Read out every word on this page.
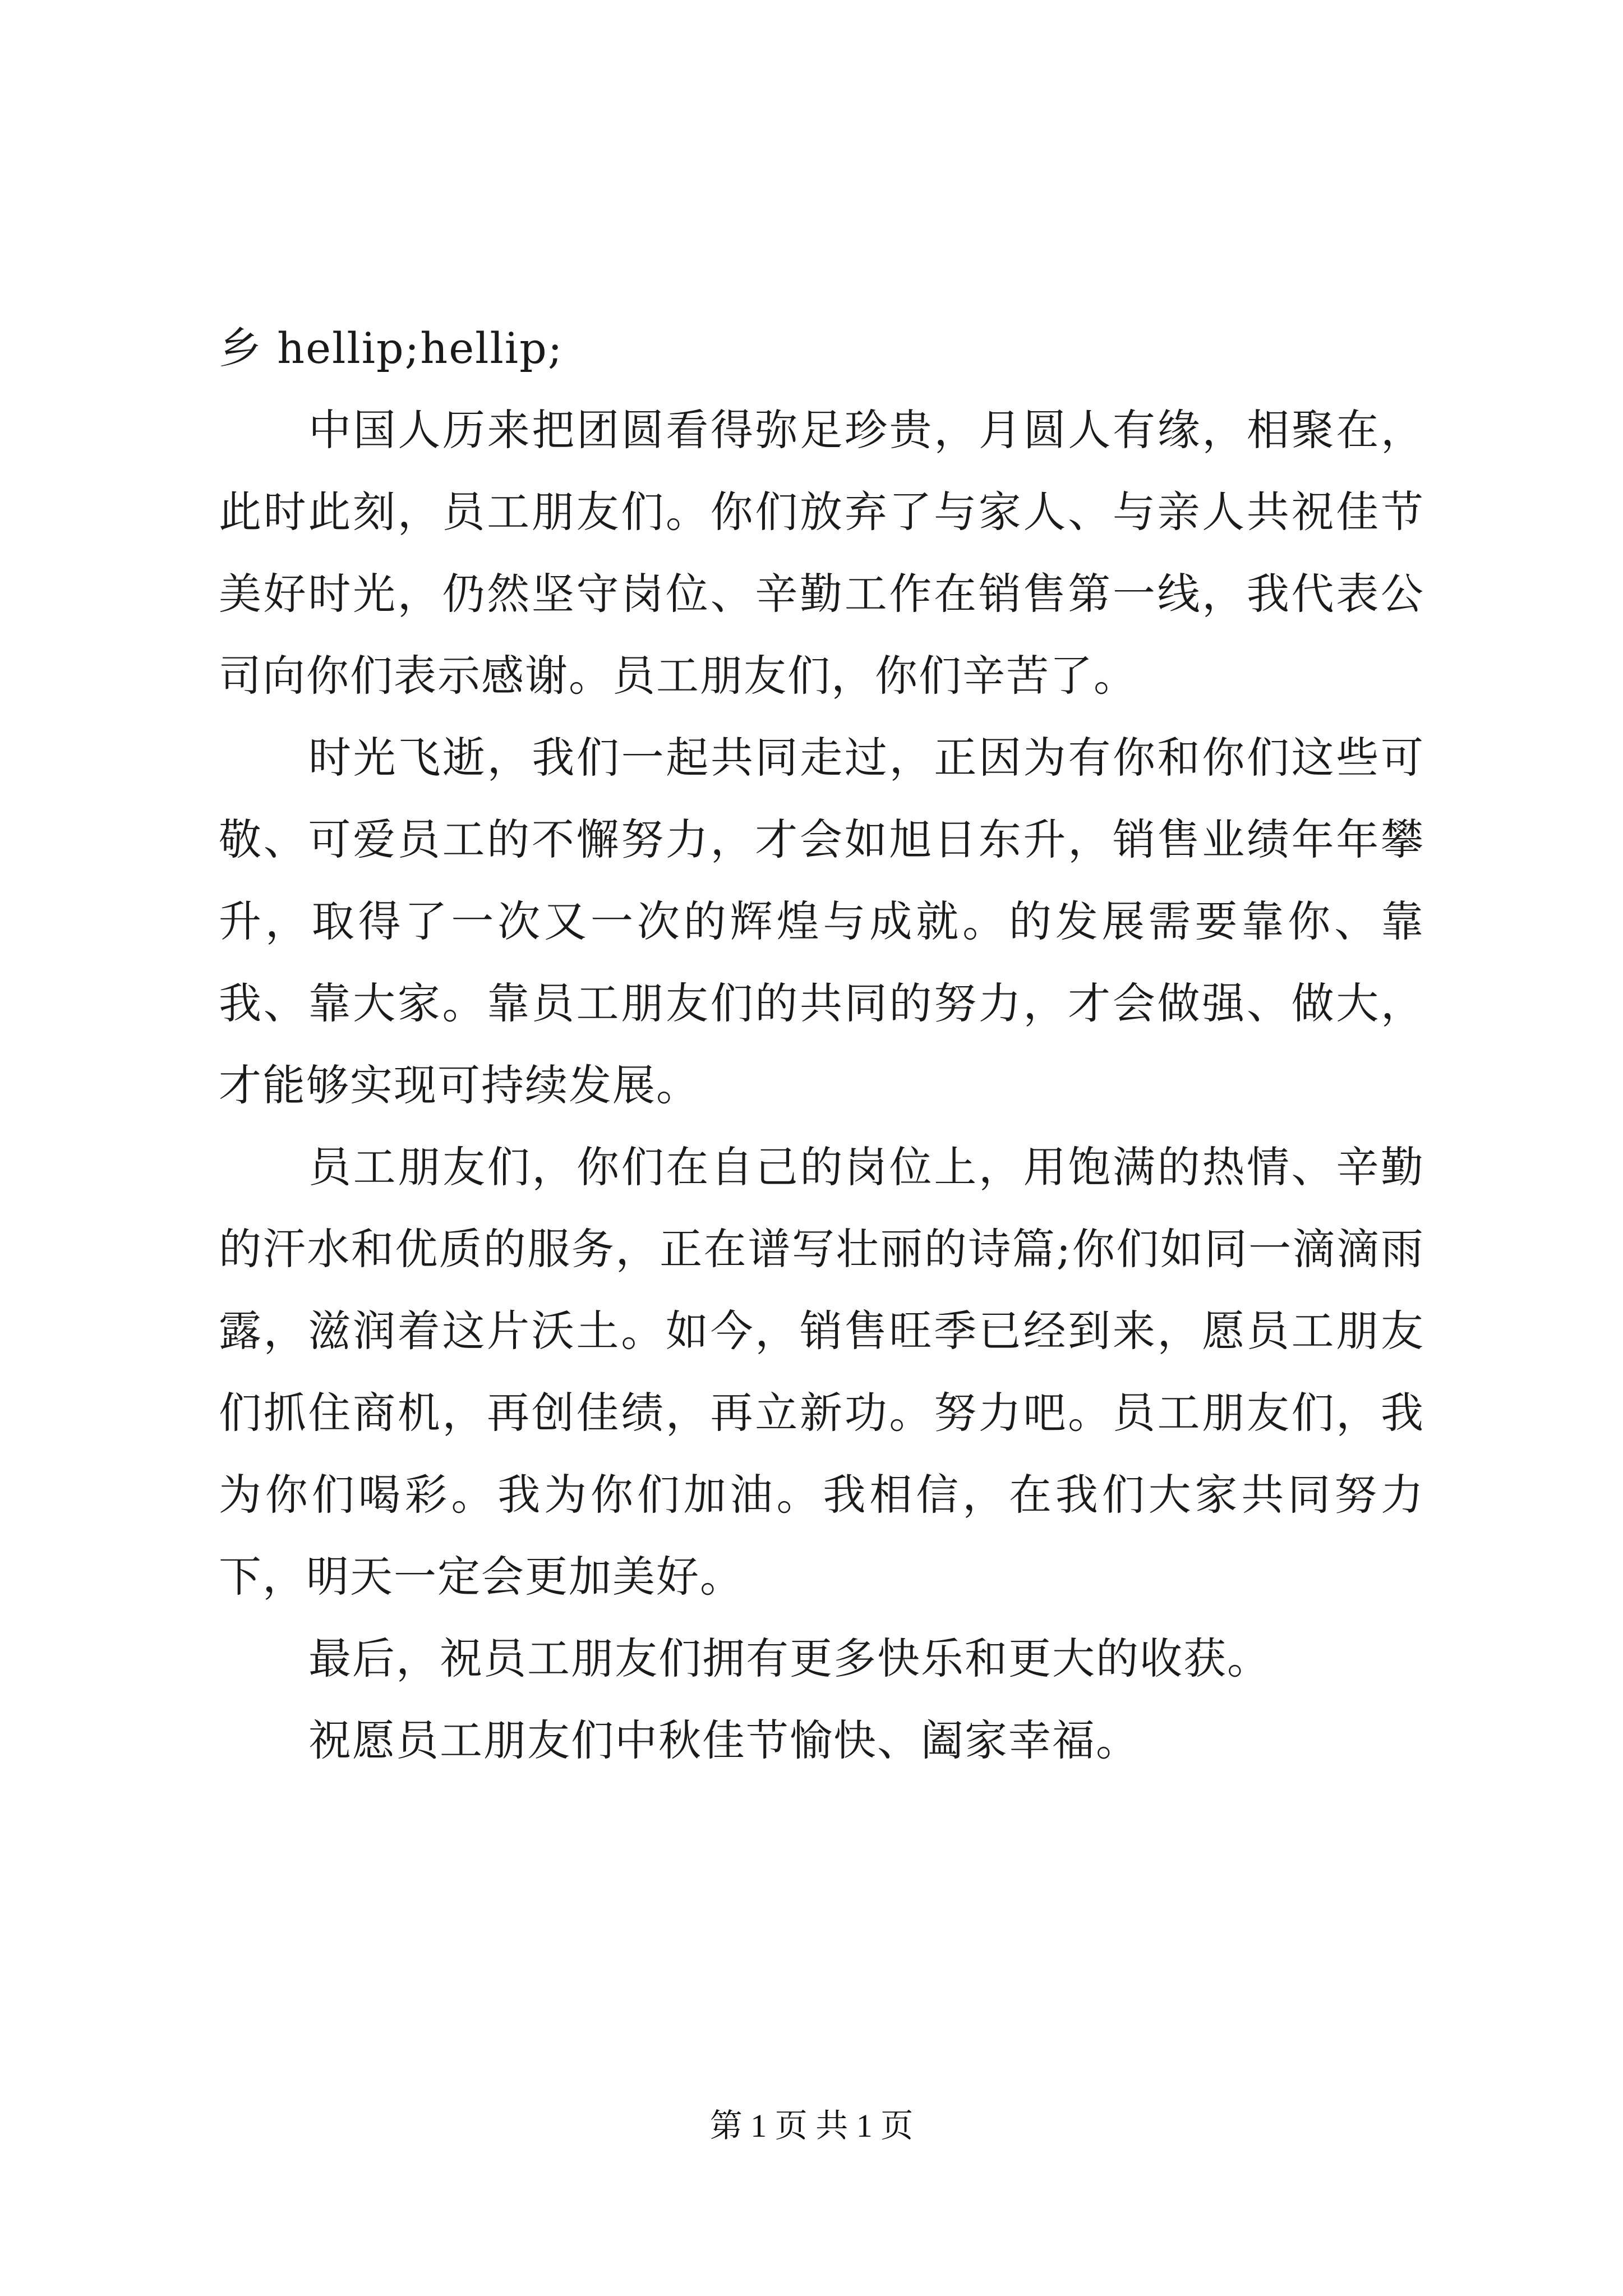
乡 hellip;hellip;

中国人历来把团圆看得弥足珍贵，月圆人有缘，相聚在，此时此刻，员工朋友们。你们放弃了与家人、与亲人共祝佳节美好时光，仍然坚守岗位、辛勤工作在销售第一线，我代表公司向你们表示感谢。员工朋友们，你们辛苦了。

时光飞逝，我们一起共同走过，正因为有你和你们这些可敬、可爱员工的不懈努力，才会如旭日东升，销售业绩年年攀升，取得了一次又一次的辉煌与成就。的发展需要靠你、靠我、靠大家。靠员工朋友们的共同的努力，才会做强、做大，才能够实现可持续发展。

员工朋友们，你们在自己的岗位上，用饱满的热情、辛勤的汗水和优质的服务，正在谱写壮丽的诗篇;你们如同一滴滴雨露，滋润着这片沃土。如今，销售旺季已经到来，愿员工朋友们抓住商机，再创佳绩，再立新功。努力吧。员工朋友们，我为你们喝彩。我为你们加油。我相信，在我们大家共同努力下，明天一定会更加美好。

最后，祝员工朋友们拥有更多快乐和更大的收获。

祝愿员工朋友们中秋佳节愉快、阖家幸福。

第 1 页 共 1 页
